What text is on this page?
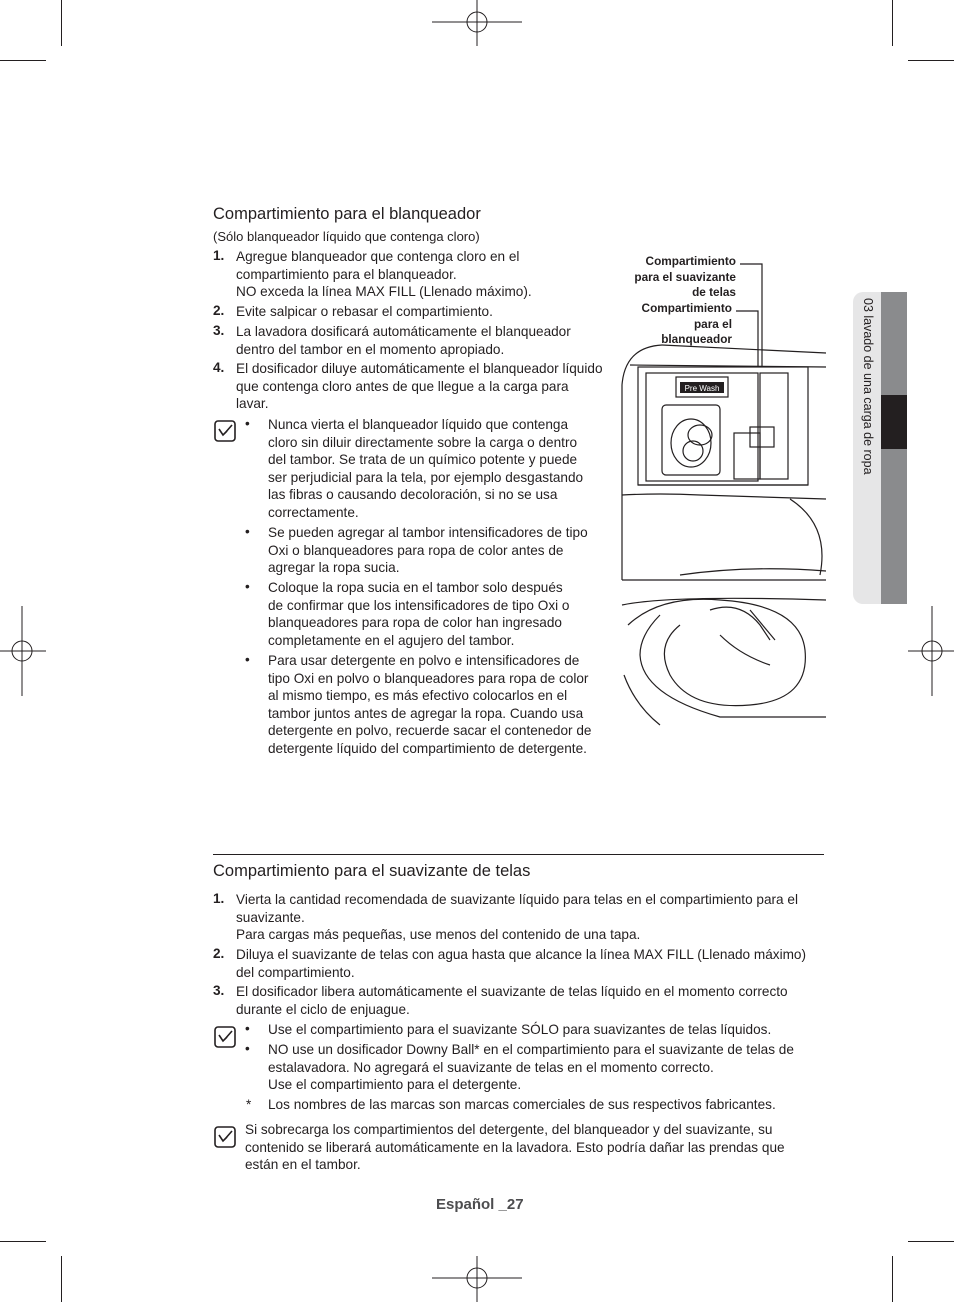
03 lavado de una carga de ropa
Compartimiento para el blanqueador
(Sólo blanqueador líquido que contenga cloro)
1. Agregue blanqueador que contenga cloro en el
compartimiento para el blanqueador.
NO exceda la línea MAX FILL (Llenado máximo).
2. Evite salpicar o rebasar el compartimiento.
3. La lavadora dosificará automáticamente el blanqueador
dentro del tambor en el momento apropiado.
4. El dosificador diluye automáticamente el blanqueador líquido
que contenga cloro antes de que llegue a la carga para
lavar.
• Nunca vierta el blanqueador líquido que contenga
cloro sin diluir directamente sobre la carga o dentro
del tambor. Se trata de un químico potente y puede
ser perjudicial para la tela, por ejemplo desgastando
las fibras o causando decoloración, si no se usa
correctamente.
• Se pueden agregar al tambor intensificadores de tipo
Oxi o blanqueadores para ropa de color antes de
agregar la ropa sucia.
• Coloque la ropa sucia en el tambor solo después
de confirmar que los intensificadores de tipo Oxi o
blanqueadores para ropa de color han ingresado
completamente en el agujero del tambor.
• Para usar detergente en polvo e intensificadores de
tipo Oxi en polvo o blanqueadores para ropa de color
al mismo tiempo, es más efectivo colocarlos en el
tambor juntos antes de agregar la ropa. Cuando usa
detergente en polvo, recuerde sacar el contenedor de
detergente líquido del compartimiento de detergente.
Compartimiento
para el suavizante
de telas
Compartimiento
para el
blanqueador
Pre Wash
Compartimiento para el suavizante de telas
1. Vierta la cantidad recomendada de suavizante líquido para telas en el compartimiento para el
suavizante.
Para cargas más pequeñas, use menos del contenido de una tapa.
2. Diluya el suavizante de telas con agua hasta que alcance la línea MAX FILL (Llenado máximo)
del compartimiento.
3. El dosificador libera automáticamente el suavizante de telas líquido en el momento correcto
durante el ciclo de enjuague.
• Use el compartimiento para el suavizante SÓLO para suavizantes de telas líquidos.
• NO use un dosificador Downy Ball* en el compartimiento para el suavizante de telas de
estalavadora. No agregará el suavizante de telas en el momento correcto.
Use el compartimiento para el detergente.
* Los nombres de las marcas son marcas comerciales de sus respectivos fabricantes.
Si sobrecarga los compartimientos del detergente, del blanqueador y del suavizante, su
contenido se liberará automáticamente en la lavadora. Esto podría dañar las prendas que
están en el tambor.
Español _27
